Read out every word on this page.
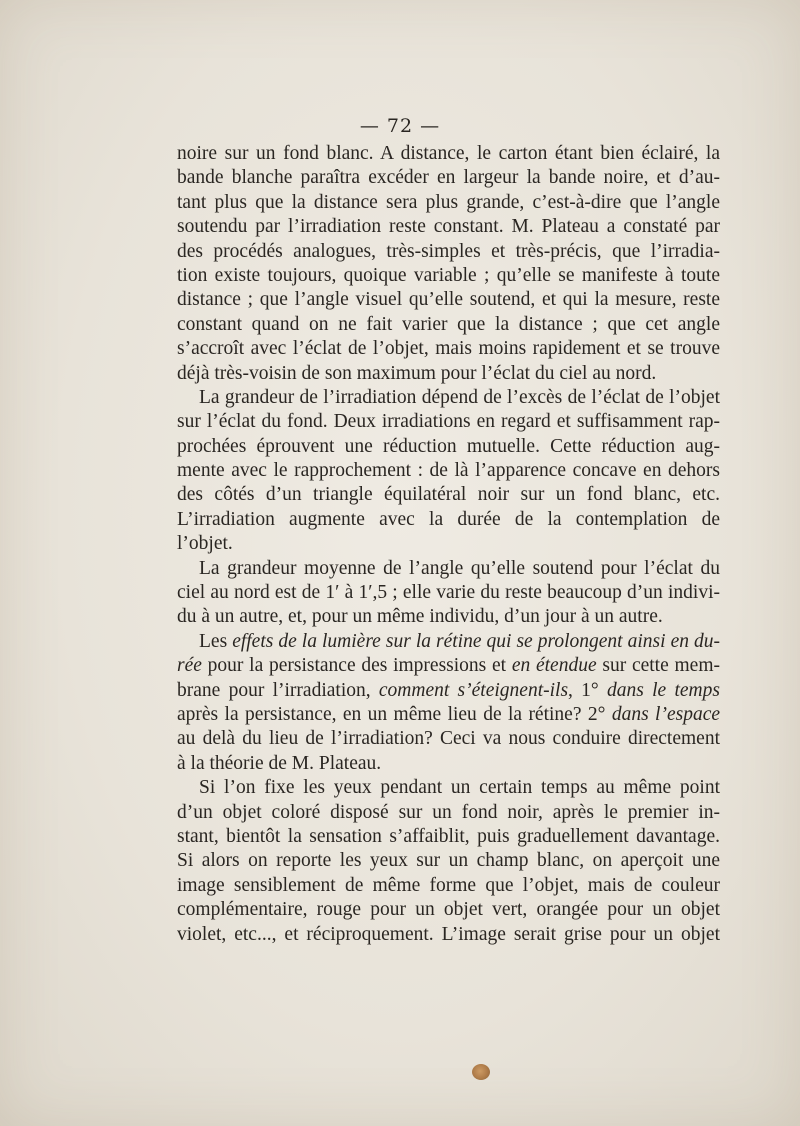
— 72 —
noire sur un fond blanc. A distance, le carton étant bien éclairé, la
bande blanche paraîtra excéder en largeur la bande noire, et d’au-
tant plus que la distance sera plus grande, c’est-à-dire que l’angle
soutendu par l’irradiation reste constant. M. Plateau a constaté par
des procédés analogues, très-simples et très-précis, que l’irradia-
tion existe toujours, quoique variable ; qu’elle se manifeste à toute
distance ; que l’angle visuel qu’elle soutend, et qui la mesure, reste
constant quand on ne fait varier que la distance ; que cet angle
s’accroît avec l’éclat de l’objet, mais moins rapidement et se trouve
déjà très-voisin de son maximum pour l’éclat du ciel au nord.
La grandeur de l’irradiation dépend de l’excès de l’éclat de l’objet
sur l’éclat du fond. Deux irradiations en regard et suffisamment rap-
prochées éprouvent une réduction mutuelle. Cette réduction aug-
mente avec le rapprochement : de là l’apparence concave en dehors
des côtés d’un triangle équilatéral noir sur un fond blanc, etc.
L’irradiation augmente avec la durée de la contemplation de
l’objet.
La grandeur moyenne de l’angle qu’elle soutend pour l’éclat du
ciel au nord est de 1′ à 1′,5 ; elle varie du reste beaucoup d’un indivi-
du à un autre, et, pour un même individu, d’un jour à un autre.
Les effets de la lumière sur la rétine qui se prolongent ainsi en du-
rée pour la persistance des impressions et en étendue sur cette mem-
brane pour l’irradiation, comment s’éteignent-ils, 1° dans le temps
après la persistance, en un même lieu de la rétine? 2° dans l’espace
au delà du lieu de l’irradiation? Ceci va nous conduire directement
à la théorie de M. Plateau.
Si l’on fixe les yeux pendant un certain temps au même point
d’un objet coloré disposé sur un fond noir, après le premier in-
stant, bientôt la sensation s’affaiblit, puis graduellement davantage.
Si alors on reporte les yeux sur un champ blanc, on aperçoit une
image sensiblement de même forme que l’objet, mais de couleur
complémentaire, rouge pour un objet vert, orangée pour un objet
violet, etc..., et réciproquement. L’image serait grise pour un objet
